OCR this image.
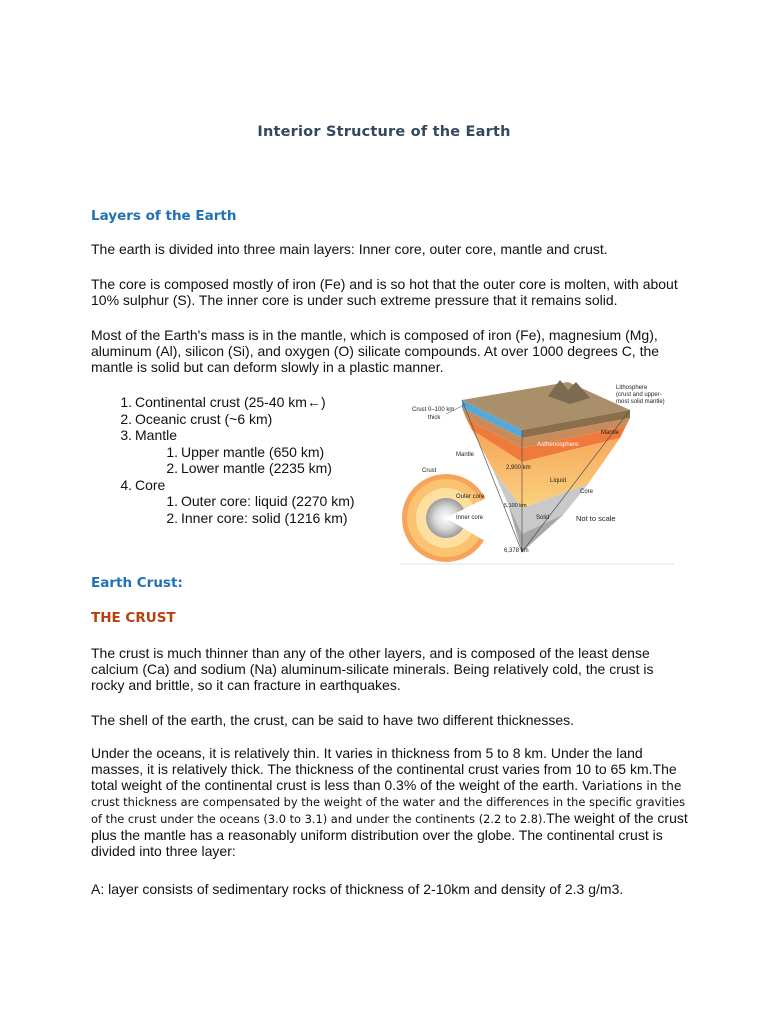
Interior Structure of the Earth
Layers of the Earth

The earth is divided into three main layers: Inner core, outer core, mantle and crust.

The core is composed mostly of iron (Fe) and is so hot that the outer core is molten, with about

10% sulphur (S). The inner core is under such extreme pressure that it remains solid.

Most of the Earth's mass is in the mantle, which is composed of iron (Fe), magnesium (Mg),

aluminum (Al), silicon (Si), and oxygen (O) silicate compounds. At over 1000 degrees C, the

mantle is solid but can deform slowly in a plastic manner.

1. Continental crust (25-40 km←)
2. Oceanic crust (~6 km)
3. Mantle
1. Upper mantle (650 km)
2. Lower mantle (2235 km)
4. Core
1. Outer core: liquid (2270 km)
2. Inner core: solid (1216 km)
Crust 0–100 km
thick
Lithosphere
(crust and upper-
most solid mantle)
Asthenosphere
Mantle
Mantle
2,900 km
Liquid
Core
Crust
Outer core
5,100 km
Inner core	Solid	Not to scale
6,378 km
Earth Crust:
THE CRUST

The crust is much thinner than any of the other layers, and is composed of the least dense

calcium (Ca) and sodium (Na) aluminum-silicate minerals. Being relatively cold, the crust is

rocky and brittle, so it can fracture in earthquakes.

The shell of the earth, the crust, can be said to have two different thicknesses.

Under the oceans, it is relatively thin. It varies in thickness from 5 to 8 km. Under the land

masses, it is relatively thick. The thickness of the continental crust varies from 10 to 65 km.The

total weight of the continental crust is less than 0.3% of the weight of the earth. Variations in the

crust thickness are compensated by the weight of the water and the differences in the specific gravities

of the crust under the oceans (3.0 to 3.1) and under the continents (2.2 to 2.8).The weight of the crust

plus the mantle has a reasonably uniform distribution over the globe. The continental crust is

divided into three layer:

A: layer consists of sedimentary rocks of thickness of 2-10km and density of 2.3 g/m3.
